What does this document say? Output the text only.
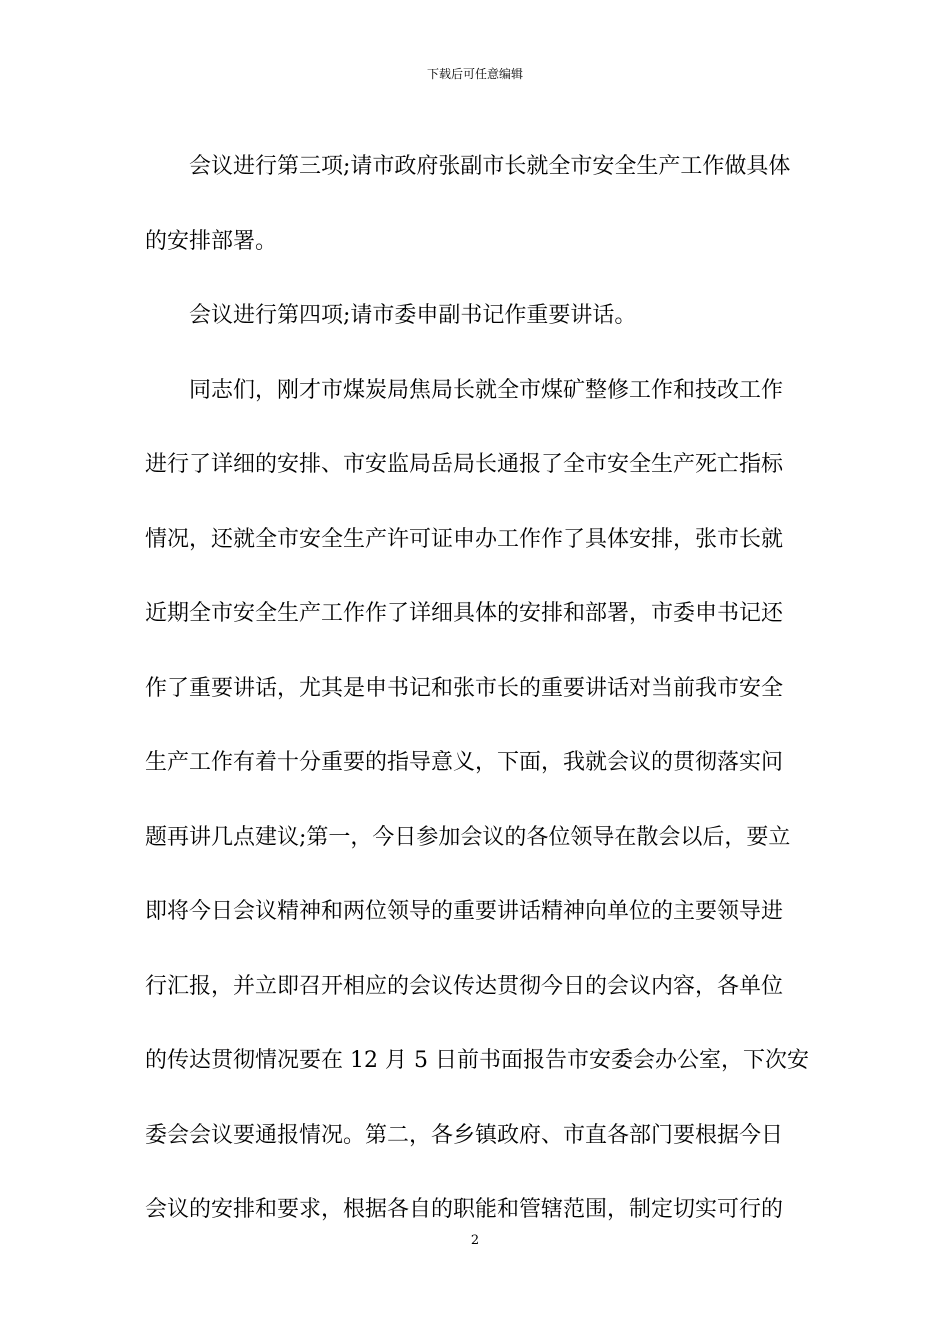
下载后可任意编辑
会议进行第三项;请市政府张副市长就全市安全生产工作做具体
的安排部署。
会议进行第四项;请市委申副书记作重要讲话。
同志们，刚才市煤炭局焦局长就全市煤矿整修工作和技改工作
进行了详细的安排、市安监局岳局长通报了全市安全生产死亡指标
情况，还就全市安全生产许可证申办工作作了具体安排，张市长就
近期全市安全生产工作作了详细具体的安排和部署，市委申书记还
作了重要讲话，尤其是申书记和张市长的重要讲话对当前我市安全
生产工作有着十分重要的指导意义，下面，我就会议的贯彻落实问
题再讲几点建议;第一，今日参加会议的各位领导在散会以后，要立
即将今日会议精神和两位领导的重要讲话精神向单位的主要领导进
行汇报，并立即召开相应的会议传达贯彻今日的会议内容，各单位
的传达贯彻情况要在 12 月 5 日前书面报告市安委会办公室，下次安
委会会议要通报情况。第二，各乡镇政府、市直各部门要根据今日
会议的安排和要求，根据各自的职能和管辖范围，制定切实可行的
2
